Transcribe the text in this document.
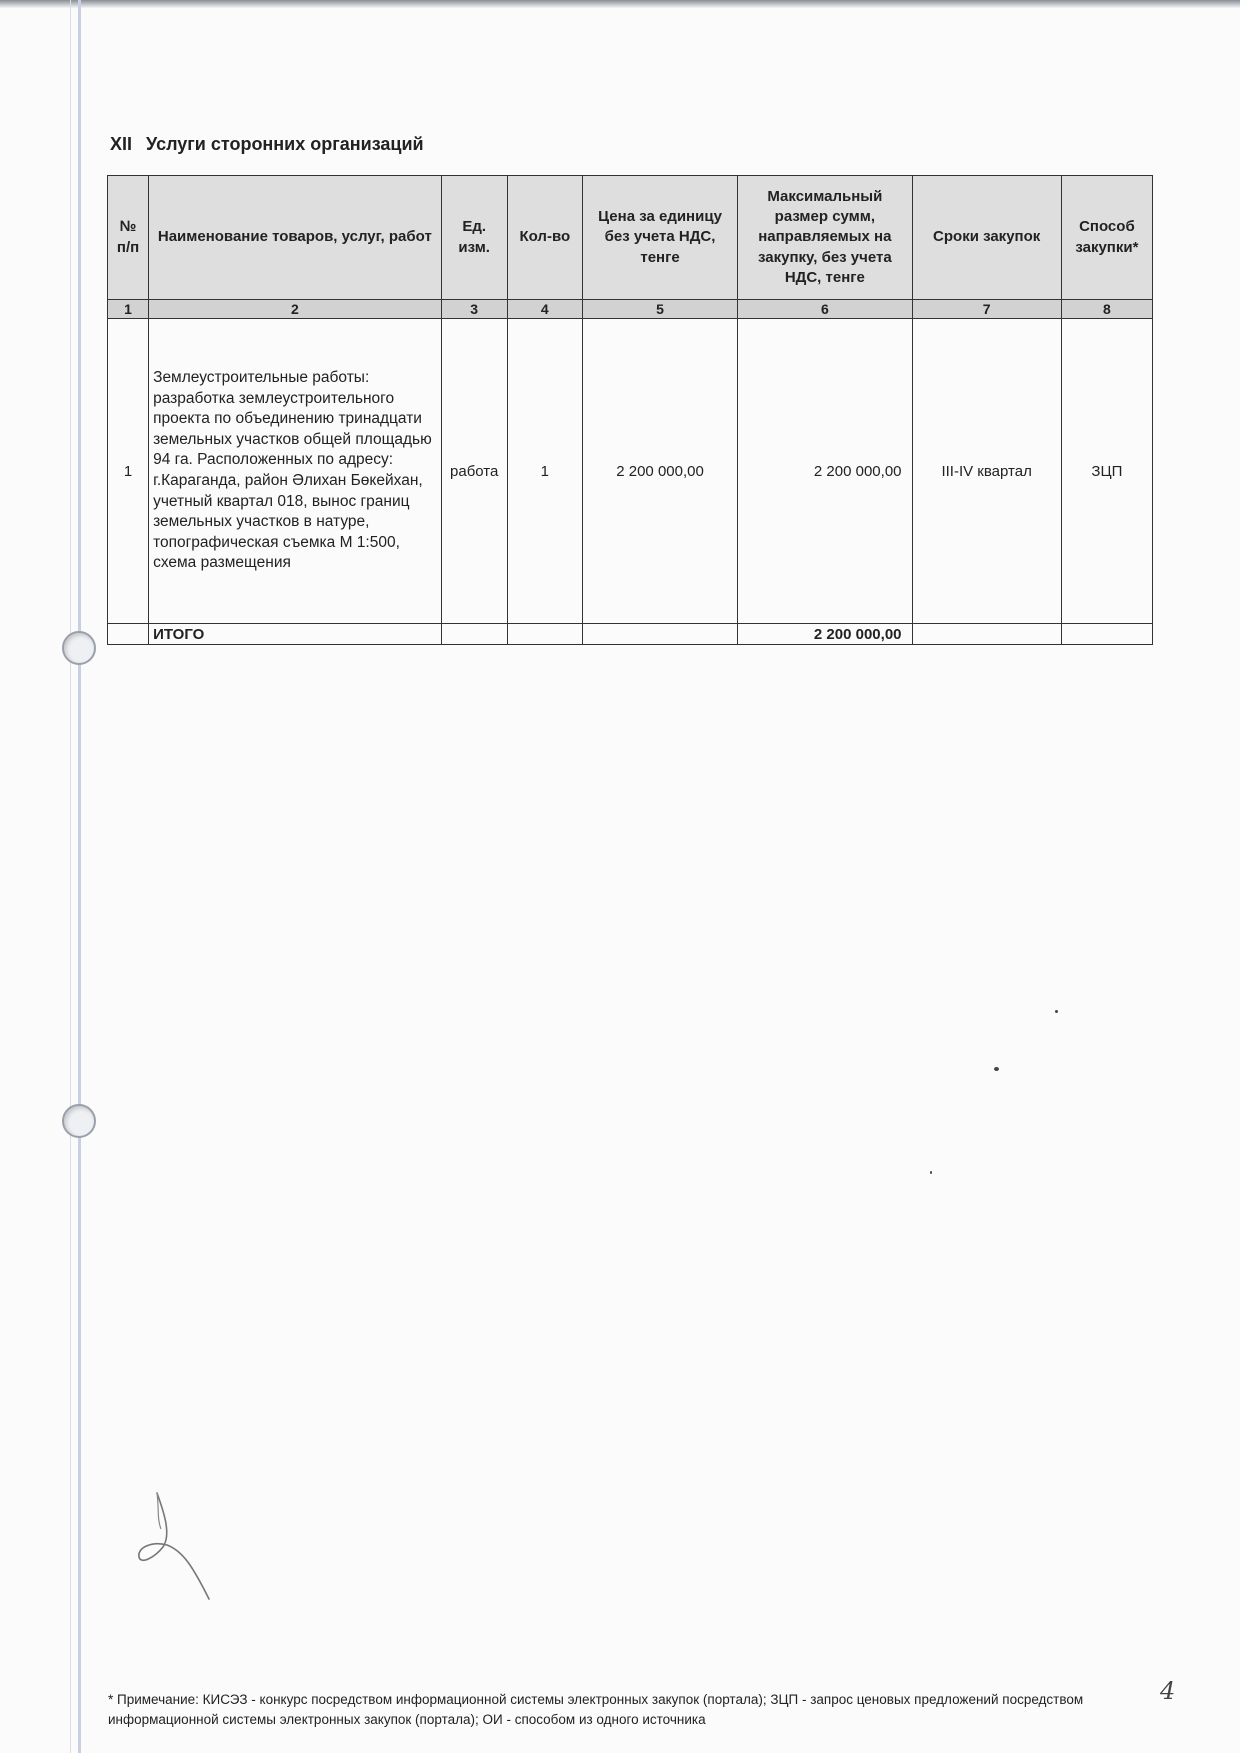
XII Услуги сторонних организаций
№ п/п	Наименование товаров, услуг, работ	Ед. изм.	Кол-во	Цена за единицу без учета НДС, тенге	Максимальный размер сумм, направляемых на закупку, без учета НДС, тенге	Сроки закупок	Способ закупки*
1	2	3	4	5	6	7	8
1	Землеустроительные работы: разработка землеустроительного проекта по объединению тринадцати земельных участков общей площадью 94 га. Расположенных по адресу: г.Караганда, район Әлихан Бөкейхан, учетный квартал 018, вынос границ земельных участков в натуре, топографическая съемка М 1:500, схема размещения	работа	1	2 200 000,00	2 200 000,00	III-IV квартал	ЗЦП
	ИТОГО				2 200 000,00		
4
* Примечание: КИСЭЗ - конкурс посредством информационной системы электронных закупок (портала); ЗЦП - запрос ценовых предложений посредством информационной системы электронных закупок (портала); ОИ - способом из одного источника
